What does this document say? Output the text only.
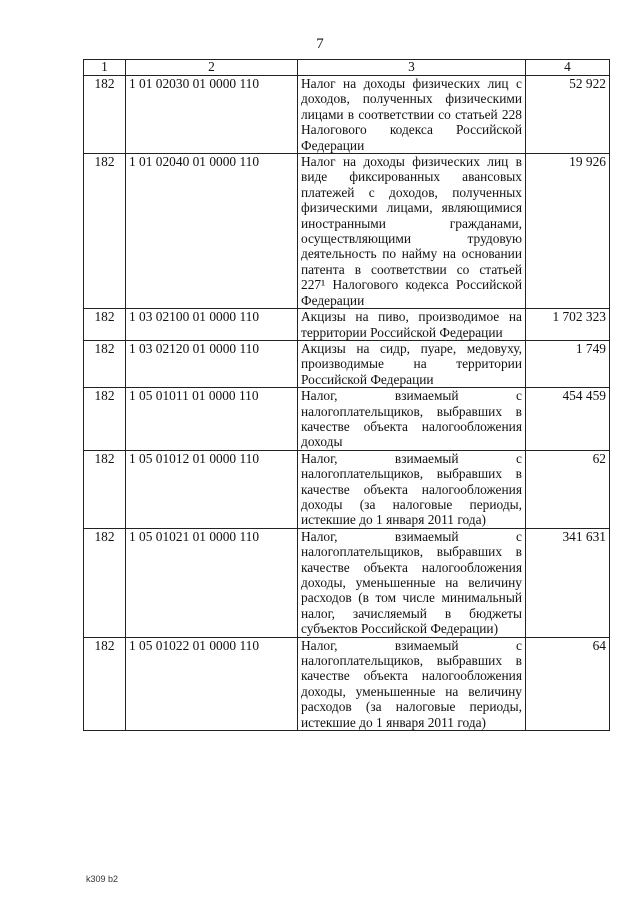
7
1	2	3	4
182	1 01 02030 01 0000 110	Налог на доходы физических лиц с доходов, полученных физическими лицами в соответствии со статьей 228 Налогового кодекса Российской Федерации	52 922
182	1 01 02040 01 0000 110	Налог на доходы физических лиц в виде фиксированных авансовых платежей с доходов, полученных физическими лицами, являющимися иностранными гражданами, осуществляющими трудовую деятельность по найму на основании патента в соответствии со статьей 227¹ Налогового кодекса Российской Федерации	19 926
182	1 03 02100 01 0000 110	Акцизы на пиво, производимое на территории Российской Федерации	1 702 323
182	1 03 02120 01 0000 110	Акцизы на сидр, пуаре, медовуху, производимые на территории Российской Федерации	1 749
182	1 05 01011 01 0000 110	Налог, взимаемый с налогоплательщиков, выбравших в качестве объекта налогообложения доходы	454 459
182	1 05 01012 01 0000 110	Налог, взимаемый с налогоплательщиков, выбравших в качестве объекта налогообложения доходы (за налоговые периоды, истекшие до 1 января 2011 года)	62
182	1 05 01021 01 0000 110	Налог, взимаемый с налогоплательщиков, выбравших в качестве объекта налогообложения доходы, уменьшенные на величину расходов (в том числе минимальный налог, зачисляемый в бюджеты субъектов Российской Федерации)	341 631
182	1 05 01022 01 0000 110	Налог, взимаемый с налогоплательщиков, выбравших в качестве объекта налогообложения доходы, уменьшенные на величину расходов (за налоговые периоды, истекшие до 1 января 2011 года)	64
k309 b2
